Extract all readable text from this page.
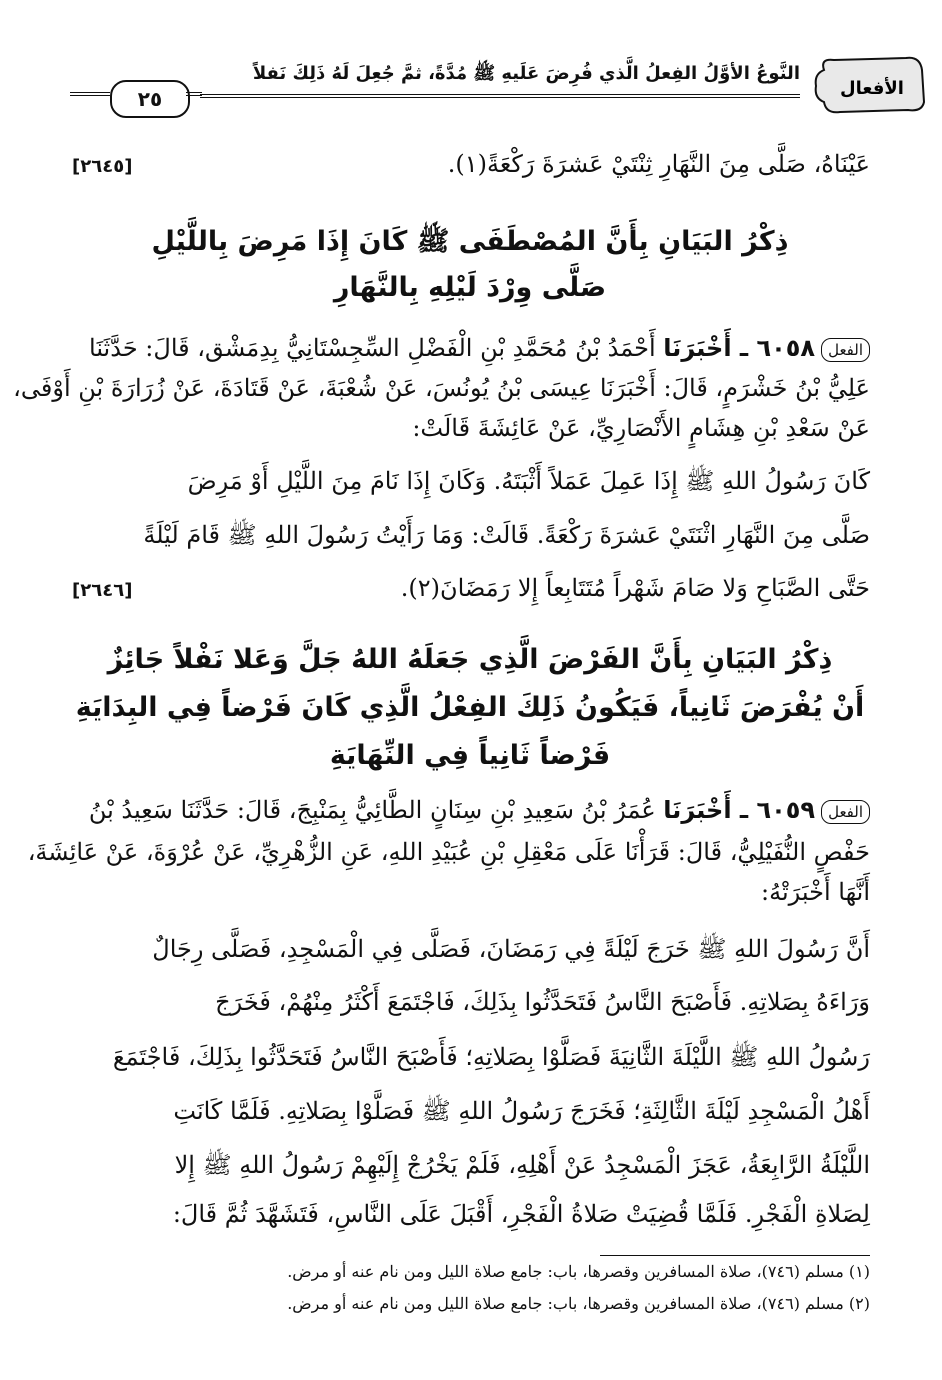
٢٥
النَّوعُ الأوَّلُ الفِعلُ الَّذي فُرِضَ عَلَيهِ ﷺ مُدَّةً، ثمَّ جُعِلَ لَهُ ذَلِكَ نَفلاً
الأفعال
عَيْنَاهُ، صَلَّى مِنَ النَّهَارِ ثِنْتَيْ عَشرَةَ رَكْعَةً(١).
[٢٦٤٥]
ذِكْرُ البَيَانِ بِأَنَّ المُصْطَفَى ﷺ كَانَ إِذَا مَرِضَ بِاللَّيْلِ
صَلَّى وِرْدَ لَيْلِهِ بِالنَّهَارِ
الفعل٦٠٥٨ ـ أَخْبَرَنَا أَحْمَدُ بْنُ مُحَمَّدِ بْنِ الْفَضْلِ السِّجِسْتَانِيُّ بِدِمَشْق، قَالَ: حَدَّثَنَا
عَلِيُّ بْنُ خَشْرَمٍ، قَالَ: أَخْبَرَنَا عِيسَى بْنُ يُونُسَ، عَنْ شُعْبَةَ، عَنْ قَتَادَةَ، عَنْ زُرَارَةَ بْنِ أَوْفَى،
عَنْ سَعْدِ بْنِ هِشَامٍ الأَنْصَارِيِّ، عَنْ عَائِشَةَ قَالَتْ:
كَانَ رَسُولُ اللهِ ﷺ إِذَا عَمِلَ عَمَلاً أَثْبَتَهُ. وَكَانَ إِذَا نَامَ مِنَ اللَّيْلِ أَوْ مَرِضَ
صَلَّى مِنَ النَّهَارِ اثْنَتَيْ عَشرَةَ رَكْعَةً. قَالَتْ: وَمَا رَأَيْتُ رَسُولَ اللهِ ﷺ قَامَ لَيْلَةً
حَتَّى الصَّبَاحِ وَلا صَامَ شَهْراً مُتَتَابِعاً إِلا رَمَضَانَ(٢).
[٢٦٤٦]
ذِكْرُ البَيَانِ بِأَنَّ الفَرْضَ الَّذِي جَعَلَهُ اللهُ جَلَّ وَعَلا نَفْلاً جَائِزٌ
أَنْ يُفْرَضَ ثَانِياً، فَيَكُونُ ذَلِكَ الفِعْلُ الَّذِي كَانَ فَرْضاً فِي البِدَايَةِ
فَرْضاً ثَانِياً فِي النِّهَايَةِ
الفعل٦٠٥٩ ـ أَخْبَرَنَا عُمَرُ بْنُ سَعِيدِ بْنِ سِنَانٍ الطَّائِيُّ بِمَنْبِجَ، قَالَ: حَدَّثَنَا سَعِيدُ بْنُ
حَفْصٍ النُّفَيْلِيُّ، قَالَ: قَرَأْنَا عَلَى مَعْقِلِ بْنِ عُبَيْدِ اللهِ، عَنِ الزُّهْرِيِّ، عَنْ عُرْوَةَ، عَنْ عَائِشَةَ،
أَنَّهَا أَخْبَرَتْهُ:
أَنَّ رَسُولَ اللهِ ﷺ خَرَجَ لَيْلَةً فِي رَمَضَانَ، فَصَلَّى فِي الْمَسْجِدِ، فَصَلَّى رِجَالٌ
وَرَاءَهُ بِصَلاتِهِ. فَأَصْبَحَ النَّاسُ فَتَحَدَّثُوا بِذَلِكَ، فَاجْتَمَعَ أَكْثَرُ مِنْهُمْ، فَخَرَجَ
رَسُولُ اللهِ ﷺ اللَّيْلَةَ الثَّانِيَةَ فَصَلَّوْا بِصَلاتِهِ؛ فَأَصْبَحَ النَّاسُ فَتَحَدَّثُوا بِذَلِكَ، فَاجْتَمَعَ
أَهْلُ الْمَسْجِدِ لَيْلَةَ الثَّالِثَةِ؛ فَخَرَجَ رَسُولُ اللهِ ﷺ فَصَلَّوْا بِصَلاتِهِ. فَلَمَّا كَانَتِ
اللَّيْلَةُ الرَّابِعَةُ، عَجَزَ الْمَسْجِدُ عَنْ أَهْلِهِ، فَلَمْ يَخْرُجْ إِلَيْهِمْ رَسُولُ اللهِ ﷺ إِلا
لِصَلاةِ الْفَجْرِ. فَلَمَّا قُضِيَتْ صَلاةُ الْفَجْرِ، أَقْبَلَ عَلَى النَّاسِ، فَتَشَهَّدَ ثُمَّ قَالَ:
(١) مسلم (٧٤٦)، صلاة المسافرين وقصرها، باب: جامع صلاة الليل ومن نام عنه أو مرض.
(٢) مسلم (٧٤٦)، صلاة المسافرين وقصرها، باب: جامع صلاة الليل ومن نام عنه أو مرض.
